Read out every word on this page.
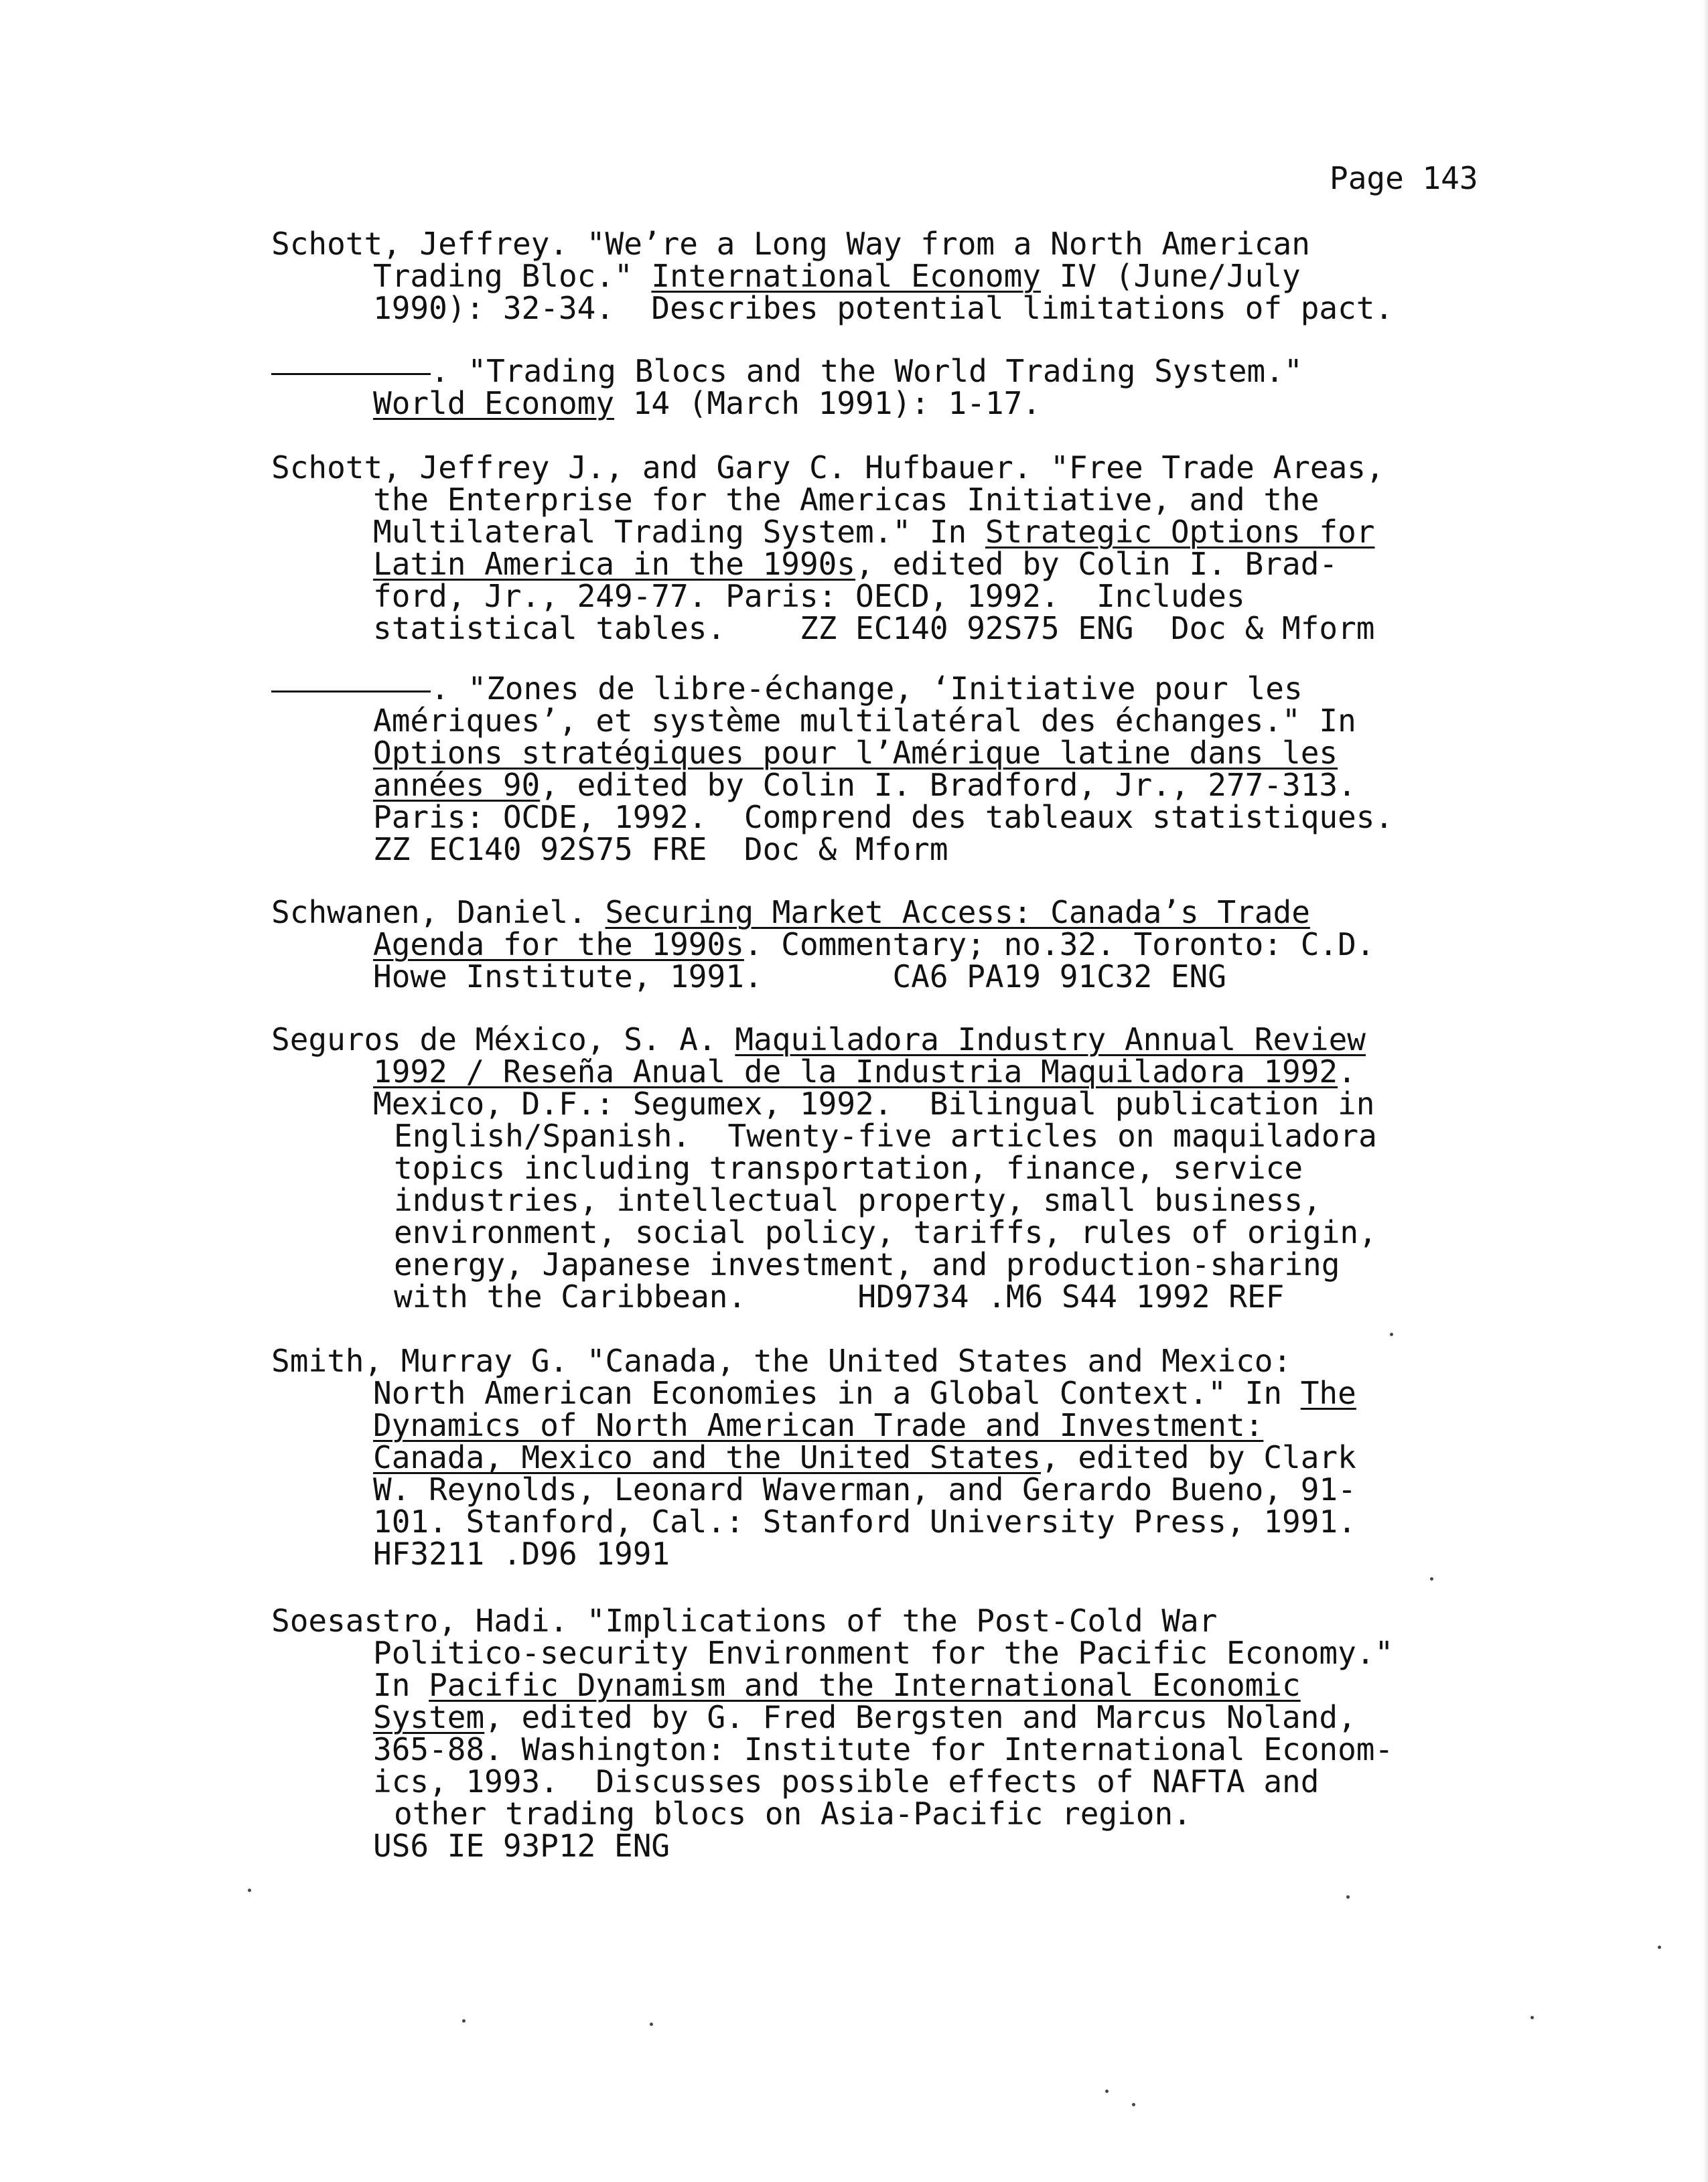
Page 143
Schott, Jeffrey. "We’re a Long Way from a North American
Trading Bloc." International Economy IV (June/July
1990): 32-34.  Describes potential limitations of pact.
. "Trading Blocs and the World Trading System."
World Economy 14 (March 1991): 1-17.
Schott, Jeffrey J., and Gary C. Hufbauer. "Free Trade Areas,
the Enterprise for the Americas Initiative, and the
Multilateral Trading System." In Strategic Options for
Latin America in the 1990s, edited by Colin I. Brad-
ford, Jr., 249-77. Paris: OECD, 1992.  Includes
statistical tables.    ZZ EC140 92S75 ENG  Doc & Mform
. "Zones de libre-échange, ‘Initiative pour les
Amériques’, et système multilatéral des échanges." In
Options stratégiques pour l’Amérique latine dans les
années 90, edited by Colin I. Bradford, Jr., 277-313.
Paris: OCDE, 1992.  Comprend des tableaux statistiques.
ZZ EC140 92S75 FRE  Doc & Mform
Schwanen, Daniel. Securing Market Access: Canada’s Trade
Agenda for the 1990s. Commentary; no.32. Toronto: C.D.
Howe Institute, 1991.       CA6 PA19 91C32 ENG
Seguros de México, S. A. Maquiladora Industry Annual Review
1992 / Reseña Anual de la Industria Maquiladora 1992.
Mexico, D.F.: Segumex, 1992.  Bilingual publication in
English/Spanish.  Twenty-five articles on maquiladora
topics including transportation, finance, service
industries, intellectual property, small business,
environment, social policy, tariffs, rules of origin,
energy, Japanese investment, and production-sharing
with the Caribbean.      HD9734 .M6 S44 1992 REF
Smith, Murray G. "Canada, the United States and Mexico:
North American Economies in a Global Context." In The
Dynamics of North American Trade and Investment:
Canada, Mexico and the United States, edited by Clark
W. Reynolds, Leonard Waverman, and Gerardo Bueno, 91-
101. Stanford, Cal.: Stanford University Press, 1991.
HF3211 .D96 1991
Soesastro, Hadi. "Implications of the Post-Cold War
Politico-security Environment for the Pacific Economy."
In Pacific Dynamism and the International Economic
System, edited by G. Fred Bergsten and Marcus Noland,
365-88. Washington: Institute for International Econom-
ics, 1993.  Discusses possible effects of NAFTA and
other trading blocs on Asia-Pacific region.
US6 IE 93P12 ENG
